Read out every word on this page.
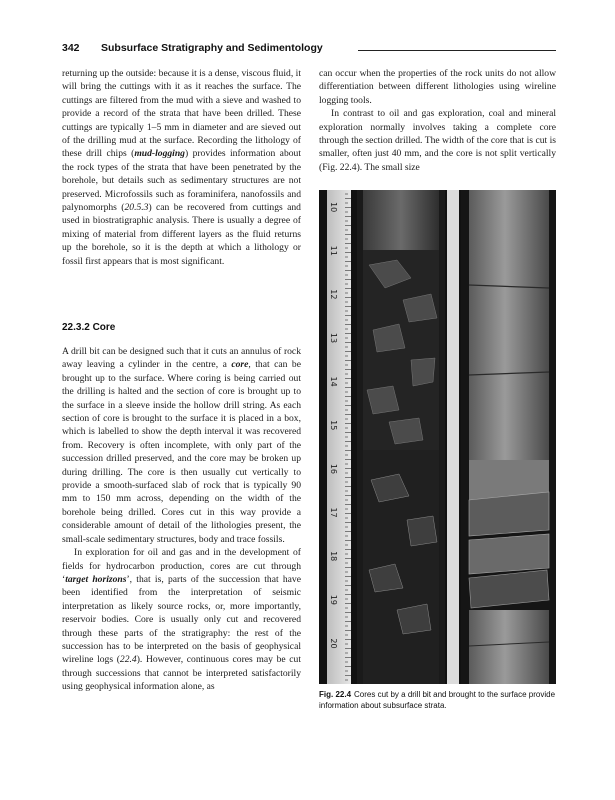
342 Subsurface Stratigraphy and Sedimentology

returning up the outside: because it is a dense, viscous fluid, it will bring the cuttings with it as it reaches the surface. The cuttings are filtered from the mud with a sieve and washed to provide a record of the strata that have been drilled. These cuttings are typically 1–5 mm in diameter and are sieved out of the drilling mud at the surface. Recording the lithology of these drill chips (mud-logging) provides information about the rock types of the strata that have been penetrated by the borehole, but details such as sedimentary structures are not preserved. Microfossils such as foraminifera, nanofossils and palynomorphs (20.5.3) can be recovered from cuttings and used in biostratigraphic analysis. There is usually a degree of mixing of material from different layers as the fluid returns up the borehole, so it is the depth at which a lithology or fossil first appears that is most significant.

22.3.2 Core

A drill bit can be designed such that it cuts an annulus of rock away leaving a cylinder in the centre, a core, that can be brought up to the surface. Where coring is being carried out the drilling is halted and the section of core is brought up to the surface in a sleeve inside the hollow drill string. As each section of core is brought to the surface it is placed in a box, which is labelled to show the depth interval it was recovered from. Recovery is often incomplete, with only part of the succession drilled preserved, and the core may be broken up during drilling. The core is then usually cut vertically to provide a smooth-surfaced slab of rock that is typically 90 mm to 150 mm across, depending on the width of the borehole being drilled. Cores cut in this way provide a considerable amount of detail of the lithologies present, the small-scale sedimentary structures, body and trace fossils.

In exploration for oil and gas and in the development of fields for hydrocarbon production, cores are cut through ‘target horizons’, that is, parts of the succession that have been identified from the interpretation of seismic interpretation as likely source rocks, or, more importantly, reservoir bodies. Core is usually only cut and recovered through these parts of the stratigraphy: the rest of the succession has to be interpreted on the basis of geophysical wireline logs (22.4). However, continuous cores may be cut through successions that cannot be interpreted satisfactorily using geophysical information alone, as

can occur when the properties of the rock units do not allow differentiation between different lithologies using wireline logging tools.

In contrast to oil and gas exploration, coal and mineral exploration normally involves taking a complete core through the section drilled. The width of the core that is cut is smaller, often just 40 mm, and the core is not split vertically (Fig. 22.4). The small size

10
11
12
13
14
15
16
17
18
19
20
Fig. 22.4 Cores cut by a drill bit and brought to the surface provide information about subsurface strata.
